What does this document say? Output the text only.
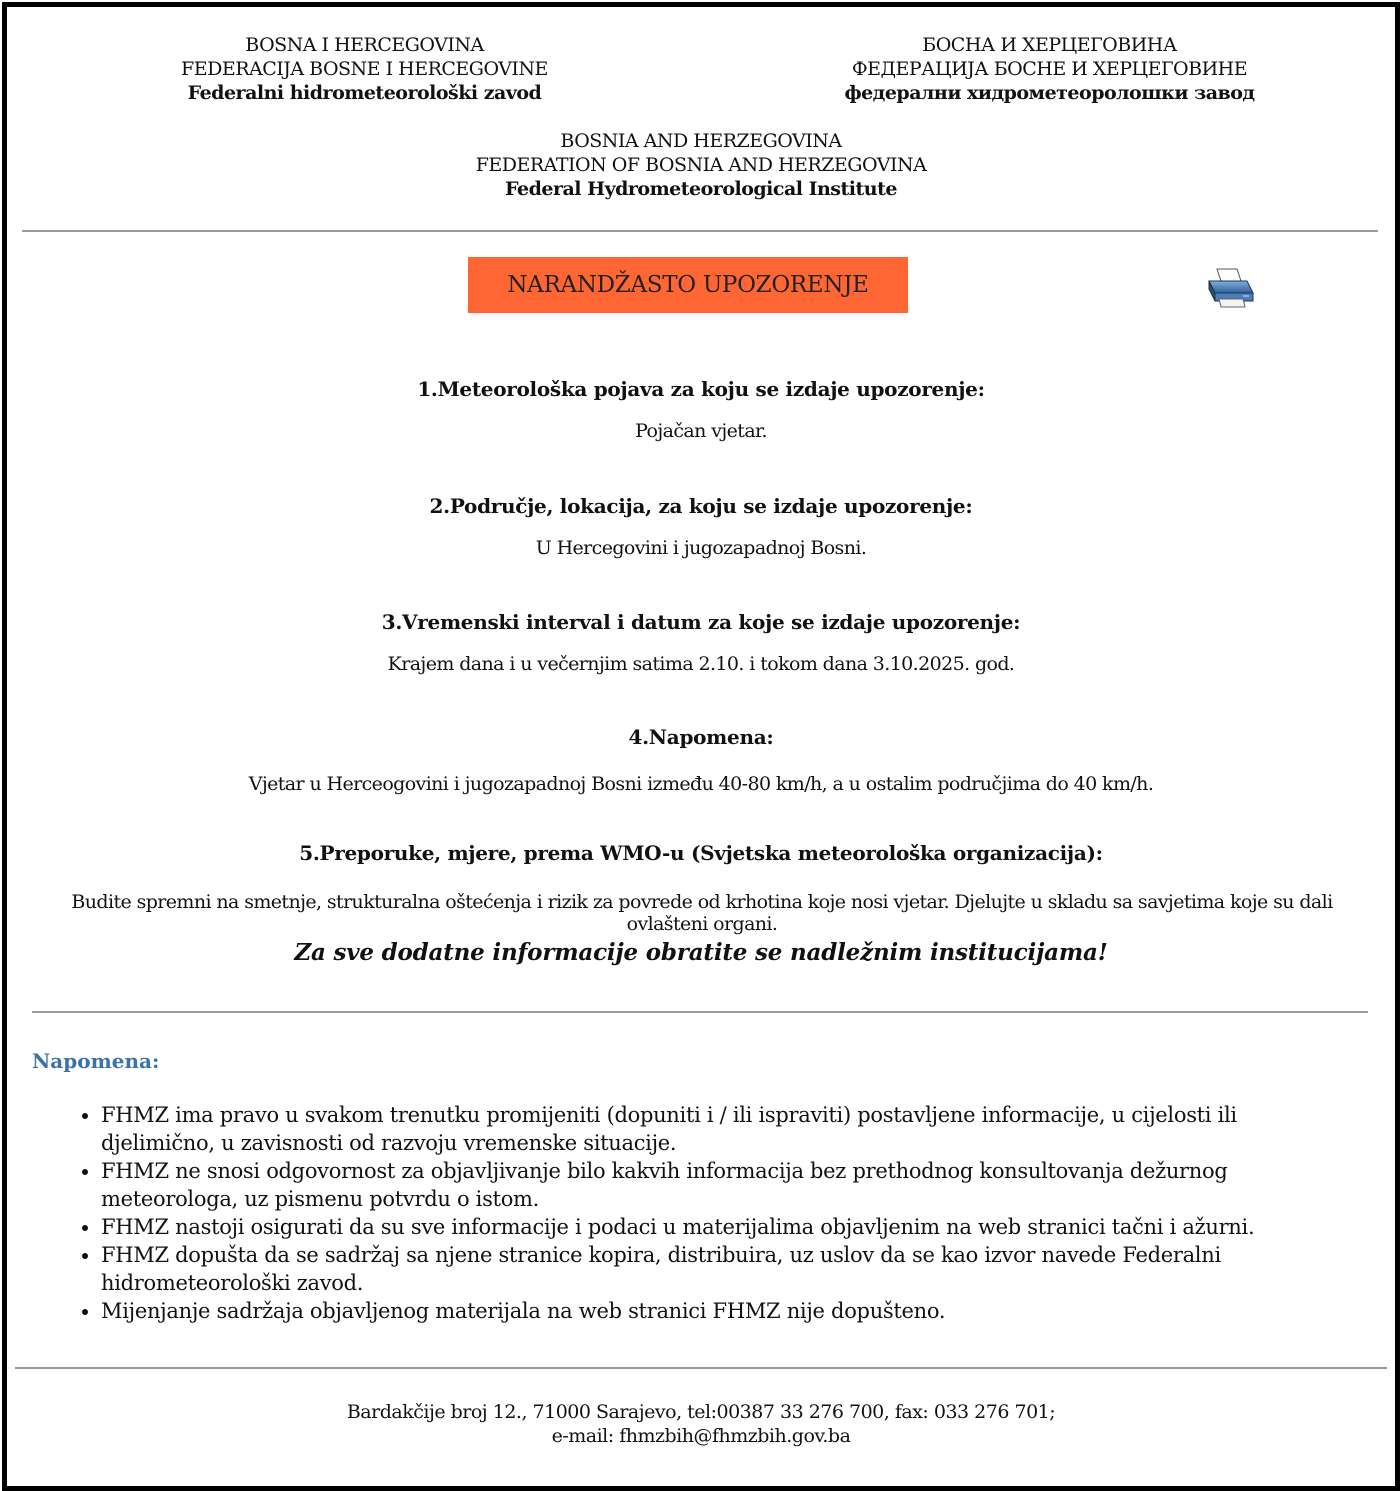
BOSNA I HERCEGOVINA
FEDERACIJA BOSNE I HERCEGOVINE
Federalni hidrometeorološki zavod
БОСНА И ХЕРЦЕГОВИНА
ФЕДЕРАЦИЈА БОСНЕ И ХЕРЦЕГОВИНЕ
федерални хидрометеоролошки завод
BOSNIA AND HERZEGOVINA
FEDERATION OF BOSNIA AND HERZEGOVINA
Federal Hydrometeorological Institute
NARANDŽASTO UPOZORENJE
1.Meteorološka pojava za koju se izdaje upozorenje:
Pojačan vjetar.
2.Područje, lokacija, za koju se izdaje upozorenje:
U Hercegovini i jugozapadnoj Bosni.
3.Vremenski interval i datum za koje se izdaje upozorenje:
Krajem dana i u večernjim satima 2.10. i tokom dana 3.10.2025. god.
4.Napomena:
Vjetar u Herceogovini i jugozapadnoj Bosni između 40-80 km/h, a u ostalim područjima do 40 km/h.
5.Preporuke, mjere, prema WMO-u (Svjetska meteorološka organizacija):
Budite spremni na smetnje, strukturalna oštećenja i rizik za povrede od krhotina koje nosi vjetar. Djelujte u skladu sa savjetima koje su dali ovlašteni organi.
Za sve dodatne informacije obratite se nadležnim institucijama!
Napomena:
• FHMZ ima pravo u svakom trenutku promijeniti (dopuniti i / ili ispraviti) postavljene informacije, u cijelosti ili djelimično, u zavisnosti od razvoju vremenske situacije.
• FHMZ ne snosi odgovornost za objavljivanje bilo kakvih informacija bez prethodnog konsultovanja dežurnog meteorologa, uz pismenu potvrdu o istom.
• FHMZ nastoji osigurati da su sve informacije i podaci u materijalima objavljenim na web stranici tačni i ažurni.
• FHMZ dopušta da se sadržaj sa njene stranice kopira, distribuira, uz uslov da se kao izvor navede Federalni hidrometeorološki zavod.
• Mijenjanje sadržaja objavljenog materijala na web stranici FHMZ nije dopušteno.
Bardakčije broj 12., 71000 Sarajevo, tel:00387 33 276 700, fax: 033 276 701;
e-mail: fhmzbih@fhmzbih.gov.ba
